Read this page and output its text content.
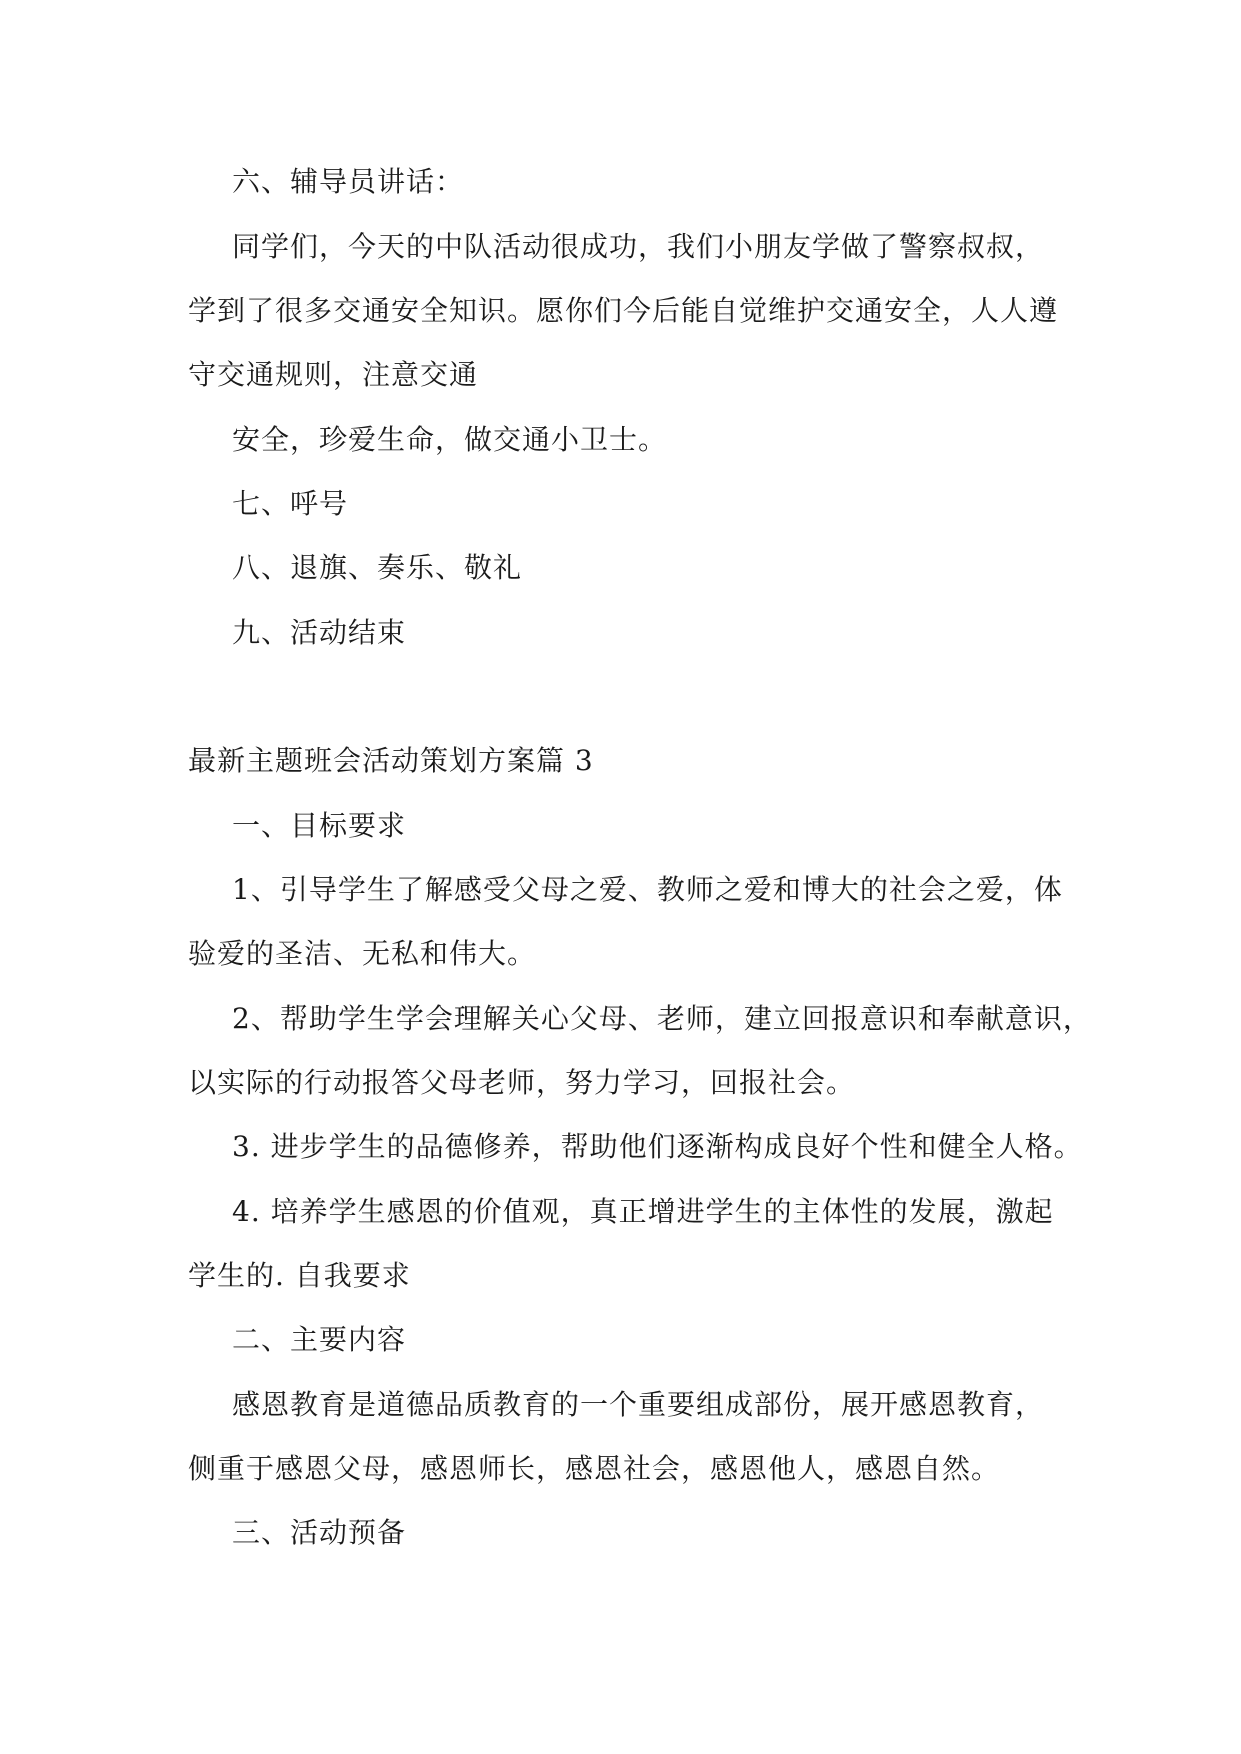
六、辅导员讲话：
同学们，今天的中队活动很成功，我们小朋友学做了警察叔叔，
学到了很多交通安全知识。愿你们今后能自觉维护交通安全，人人遵
守交通规则，注意交通
安全，珍爱生命，做交通小卫士。
七、呼号
八、退旗、奏乐、敬礼
九、活动结束
最新主题班会活动策划方案篇 3
一、目标要求
1、引导学生了解感受父母之爱、教师之爱和博大的社会之爱，体
验爱的圣洁、无私和伟大。
2、帮助学生学会理解关心父母、老师，建立回报意识和奉献意识，
以实际的行动报答父母老师，努力学习，回报社会。
3. 进步学生的品德修养，帮助他们逐渐构成良好个性和健全人格。
4. 培养学生感恩的价值观，真正增进学生的主体性的发展，激起
学生的. 自我要求
二、主要内容
感恩教育是道德品质教育的一个重要组成部份，展开感恩教育，
侧重于感恩父母，感恩师长，感恩社会，感恩他人，感恩自然。
三、活动预备
